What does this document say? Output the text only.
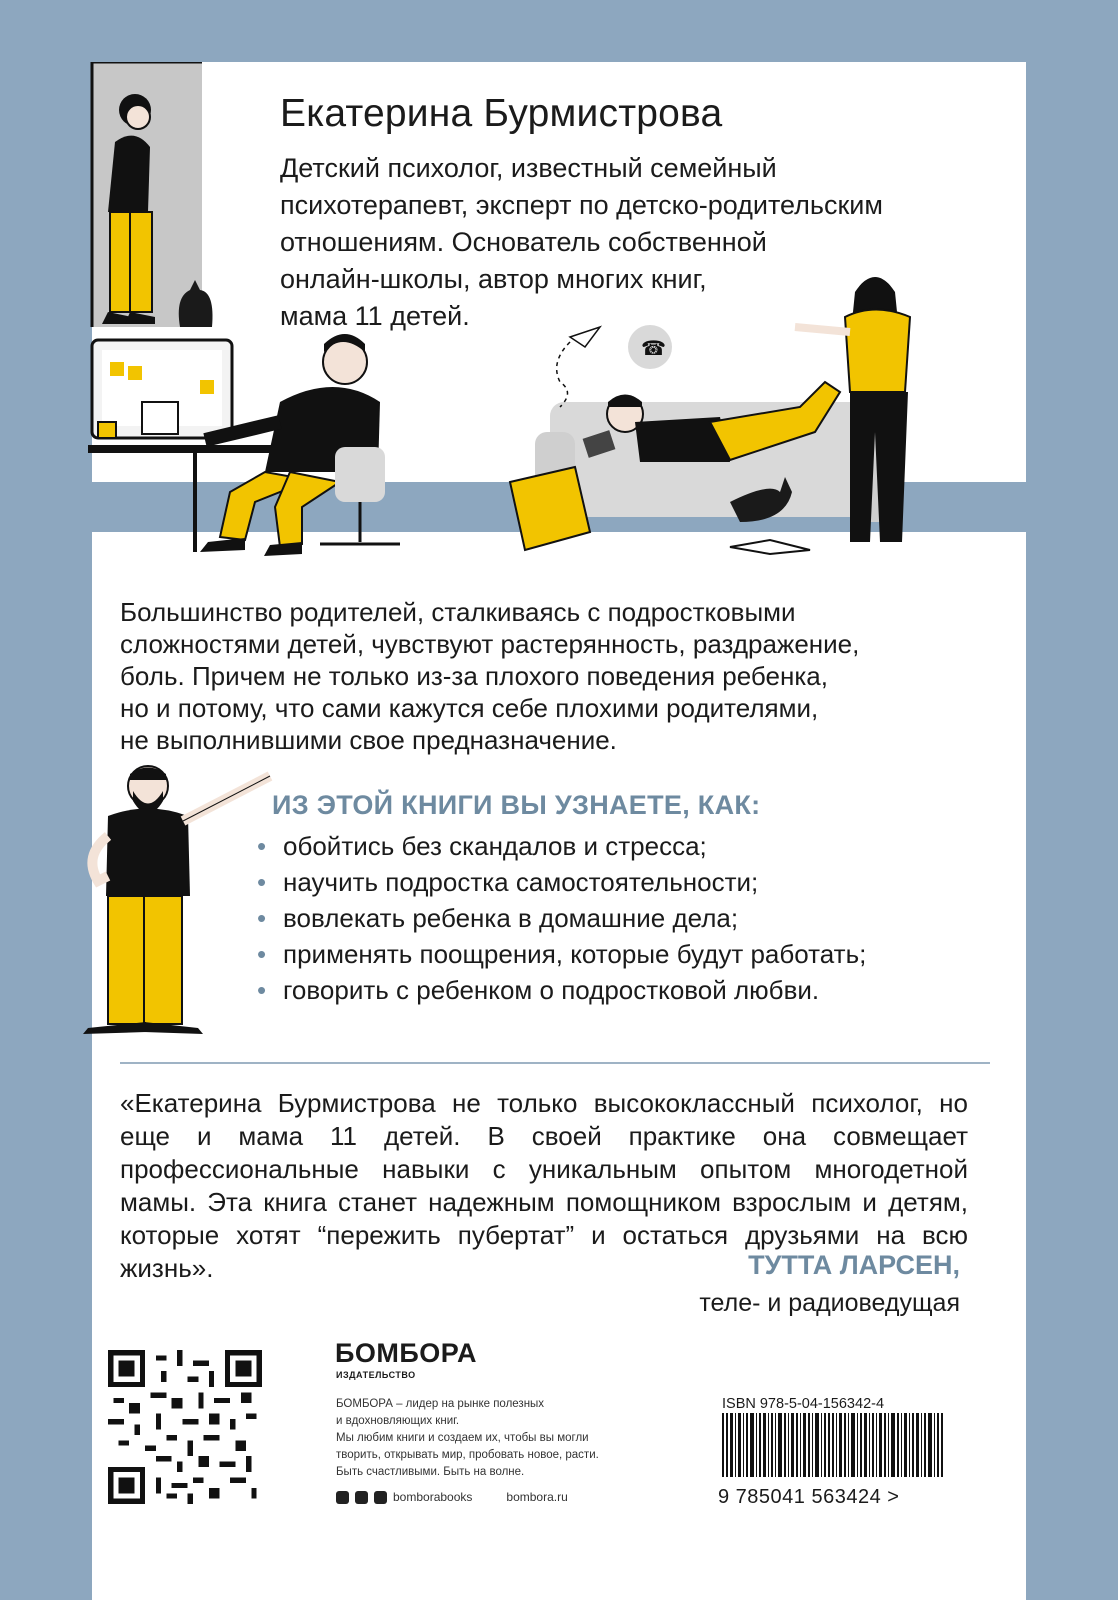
☎
Екатерина Бурмистрова
Детский психолог, известный семейный
психотерапевт, эксперт по детско-родительским
отношениям. Основатель собственной
онлайн-школы, автор многих книг,
мама 11 детей.
Большинство родителей, сталкиваясь с подростковыми
сложностями детей, чувствуют растерянность, раздражение,
боль. Причем не только из-за плохого поведения ребенка,
но и потому, что сами кажутся себе плохими родителями,
не выполнившими свое предназначение.
ИЗ ЭТОЙ КНИГИ ВЫ УЗНАЕТЕ, КАК:
• обойтись без скандалов и стресса;
• научить подростка самостоятельности;
• вовлекать ребенка в домашние дела;
• применять поощрения, которые будут работать;
• говорить с ребенком о подростковой любви.
«Екатерина Бурмистрова не только высококлассный психолог, но еще и мама 11 детей. В своей практике она совмещает профессиональные навыки с уникальным опытом многодетной мамы. Эта книга станет надежным помощником взрослым и детям, которые хотят “пережить пубертат” и остаться друзьями на всю жизнь».	ТУТТА ЛАРСЕН,
теле- и радиоведущая
БОМБОРА
ИЗДАТЕЛЬСТВО
БОМБОРА – лидер на рынке полезных
и вдохновляющих книг.
Мы любим книги и создаем их, чтобы вы могли
творить, открывать мир, пробовать новое, расти.
Быть счастливыми. Быть на волне.
bomborabooks	bombora.ru
ISBN 978-5-04-156342-4
9 785041 563424 >
